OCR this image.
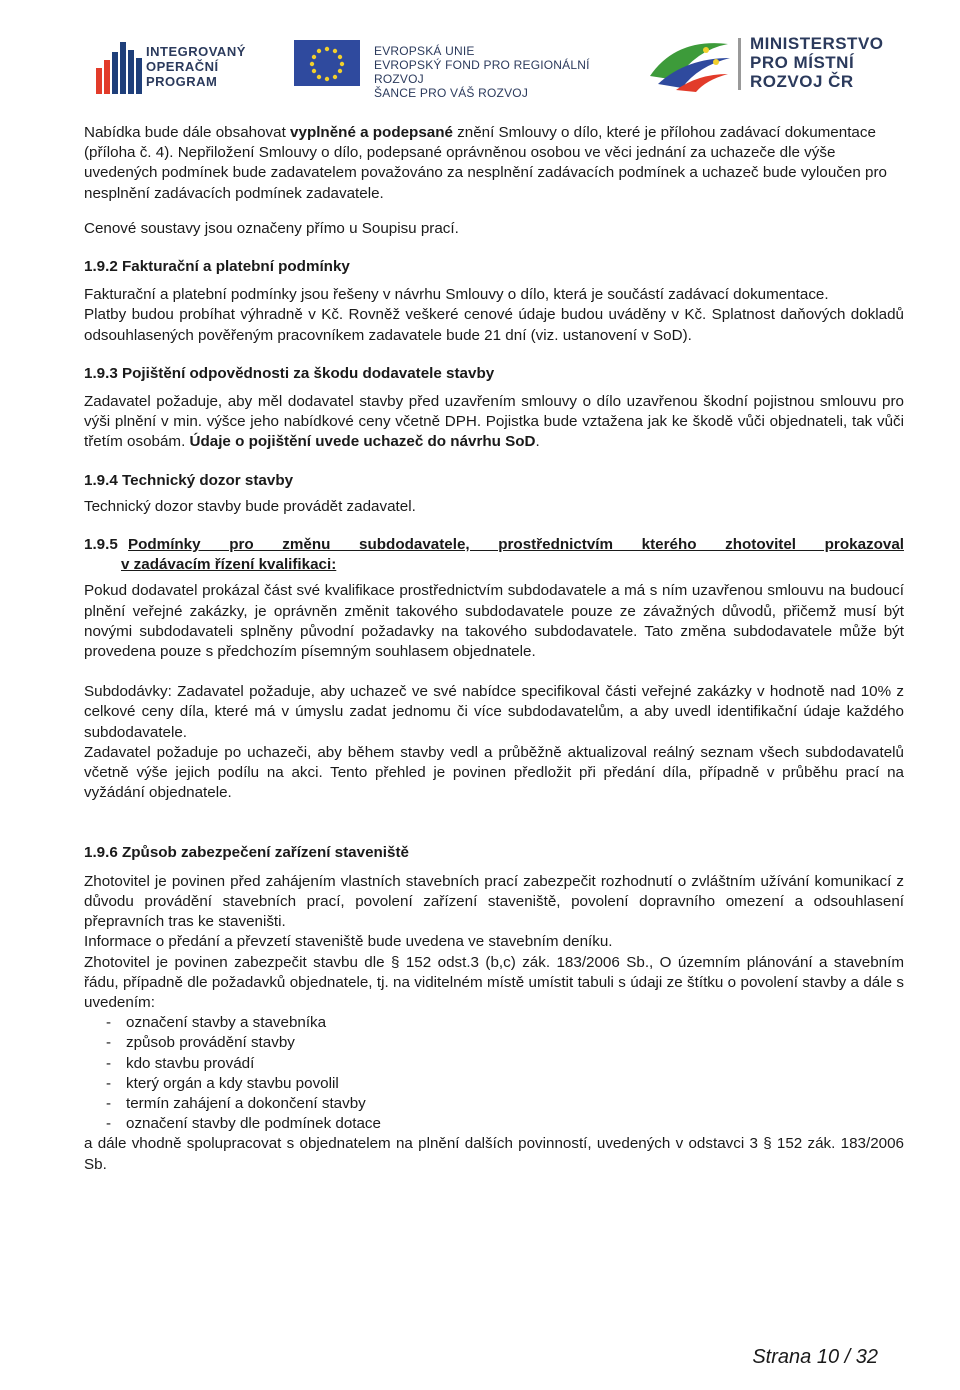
INTEGROVANÝ
OPERAČNÍ
PROGRAM
EVROPSKÁ UNIE
EVROPSKÝ FOND PRO REGIONÁLNÍ ROZVOJ
ŠANCE PRO VÁŠ ROZVOJ
MINISTERSTVO
PRO MÍSTNÍ
ROZVOJ ČR

Nabídka bude dále obsahovat vyplněné a podepsané znění Smlouvy o dílo, které je přílohou zadávací dokumentace (příloha č. 4). Nepřiložení Smlouvy o dílo, podepsané oprávněnou osobou ve věci jednání za uchazeče dle výše uvedených podmínek bude zadavatelem považováno za nesplnění zadávacích podmínek a uchazeč bude vyloučen pro nesplnění zadávacích podmínek zadavatele.

Cenové soustavy jsou označeny přímo u Soupisu prací.

1.9.2 Fakturační a platební podmínky

Fakturační a platební podmínky jsou řešeny v návrhu Smlouvy o dílo, která je součástí zadávací dokumentace.

Platby budou probíhat výhradně v Kč. Rovněž veškeré cenové údaje budou uváděny v Kč. Splatnost daňových dokladů odsouhlasených pověřeným pracovníkem zadavatele bude 21 dní (viz. ustanovení v SoD).

1.9.3 Pojištění odpovědnosti za škodu dodavatele stavby

Zadavatel požaduje, aby měl dodavatel stavby před uzavřením smlouvy o dílo uzavřenou škodní pojistnou smlouvu pro výši plnění v min. výšce jeho nabídkové ceny včetně DPH. Pojistka bude vztažena jak ke škodě vůči objednateli, tak vůči třetím osobám. Údaje o pojištění uvede uchazeč do návrhu SoD.

1.9.4 Technický dozor stavby

Technický dozor stavby bude provádět zadavatel.

1.9.5 Podmínky pro změnu subdodavatele, prostřednictvím kterého zhotovitel prokazoval
v zadávacím řízení kvalifikaci:

Pokud dodavatel prokázal část své kvalifikace prostřednictvím subdodavatele a má s ním uzavřenou smlouvu na budoucí plnění veřejné zakázky, je oprávněn změnit takového subdodavatele pouze ze závažných důvodů, přičemž musí být novými subdodavateli splněny původní požadavky na takového subdodavatele. Tato změna subdodavatele může být provedena pouze s předchozím písemným souhlasem objednatele.

Subdodávky: Zadavatel požaduje, aby uchazeč ve své nabídce specifikoval části veřejné zakázky v hodnotě nad 10% z celkové ceny díla, které má v úmyslu zadat jednomu či více subdodavatelům, a aby uvedl identifikační údaje každého subdodavatele.

Zadavatel požaduje po uchazeči, aby během stavby vedl a průběžně aktualizoval reálný seznam všech subdodavatelů včetně výše jejich podílu na akci. Tento přehled je povinen předložit při předání díla, případně v průběhu prací na vyžádání objednatele.

1.9.6 Způsob zabezpečení zařízení staveniště

Zhotovitel je povinen před zahájením vlastních stavebních prací zabezpečit rozhodnutí o zvláštním užívání komunikací z důvodu provádění stavebních prací, povolení zařízení staveniště, povolení dopravního omezení a odsouhlasení přepravních tras ke staveništi.

Informace o předání a převzetí staveniště bude uvedena ve stavebním deníku.

Zhotovitel je povinen zabezpečit stavbu dle § 152 odst.3 (b,c) zák. 183/2006 Sb., O územním plánování a stavebním řádu, případně dle požadavků objednatele, tj. na viditelném místě umístit tabuli s údaji ze štítku o povolení stavby a dále s uvedením:

- označení stavby a stavebníka
- způsob provádění stavby
- kdo stavbu provádí
- který orgán a kdy stavbu povolil
- termín zahájení a dokončení stavby
- označení stavby dle podmínek dotace

a dále vhodně spolupracovat s objednatelem na plnění dalších povinností, uvedených v odstavci 3 § 152 zák. 183/2006 Sb.

Strana 10 / 32
